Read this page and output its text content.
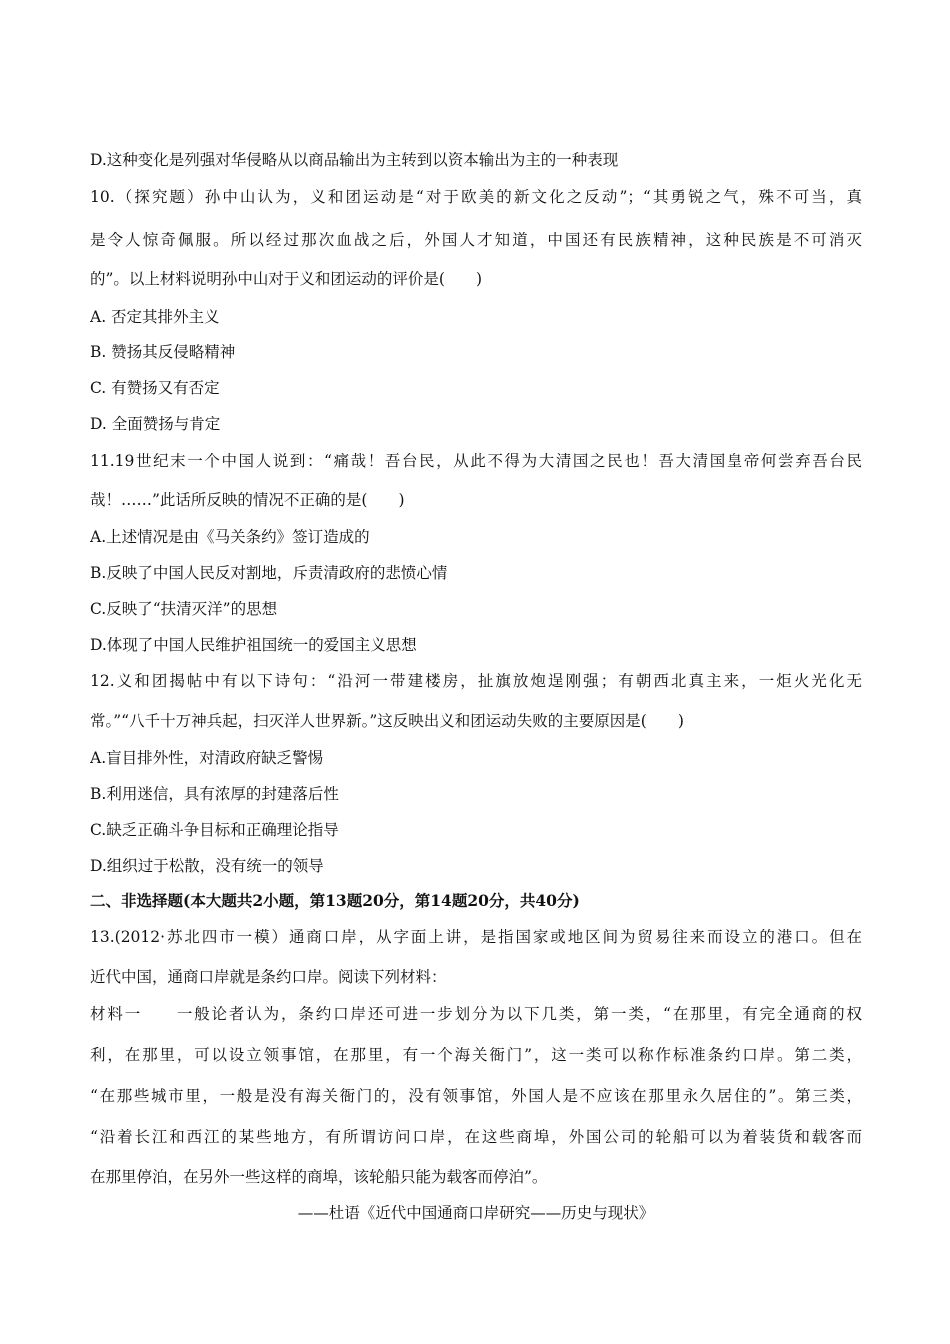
D.这种变化是列强对华侵略从以商品输出为主转到以资本输出为主的一种表现
10.（探究题）孙中山认为，义和团运动是“对于欧美的新文化之反动”；“其勇锐之气，殊不可当，真
是令人惊奇佩服。所以经过那次血战之后，外国人才知道，中国还有民族精神，这种民族是不可消灭
的”。以上材料说明孙中山对于义和团运动的评价是(　　)
A. 否定其排外主义
B. 赞扬其反侵略精神
C. 有赞扬又有否定
D. 全面赞扬与肯定
11.19世纪末一个中国人说到：“痛哉！吾台民，从此不得为大清国之民也！吾大清国皇帝何尝弃吾台民
哉！……”此话所反映的情况不正确的是(　　)
A.上述情况是由《马关条约》签订造成的
B.反映了中国人民反对割地，斥责清政府的悲愤心情
C.反映了“扶清灭洋”的思想
D.体现了中国人民维护祖国统一的爱国主义思想
12.义和团揭帖中有以下诗句：“沿河一带建楼房，扯旗放炮逞刚强；有朝西北真主来，一炬火光化无
常。”“八千十万神兵起，扫灭洋人世界新。”这反映出义和团运动失败的主要原因是(　　)
A.盲目排外性，对清政府缺乏警惕
B.利用迷信，具有浓厚的封建落后性
C.缺乏正确斗争目标和正确理论指导
D.组织过于松散，没有统一的领导
二、非选择题(本大题共2小题，第13题20分，第14题20分，共40分)
13.(2012·苏北四市一模）通商口岸，从字面上讲，是指国家或地区间为贸易往来而设立的港口。但在
近代中国，通商口岸就是条约口岸。阅读下列材料：
材料一　　一般论者认为，条约口岸还可进一步划分为以下几类，第一类，“在那里，有完全通商的权
利，在那里，可以设立领事馆，在那里，有一个海关衙门”，这一类可以称作标准条约口岸。第二类，
“在那些城市里，一般是没有海关衙门的，没有领事馆，外国人是不应该在那里永久居住的”。第三类，
“沿着长江和西江的某些地方，有所谓访问口岸，在这些商埠，外国公司的轮船可以为着装货和载客而
在那里停泊，在另外一些这样的商埠，该轮船只能为载客而停泊”。
——杜语《近代中国通商口岸研究——历史与现状》
